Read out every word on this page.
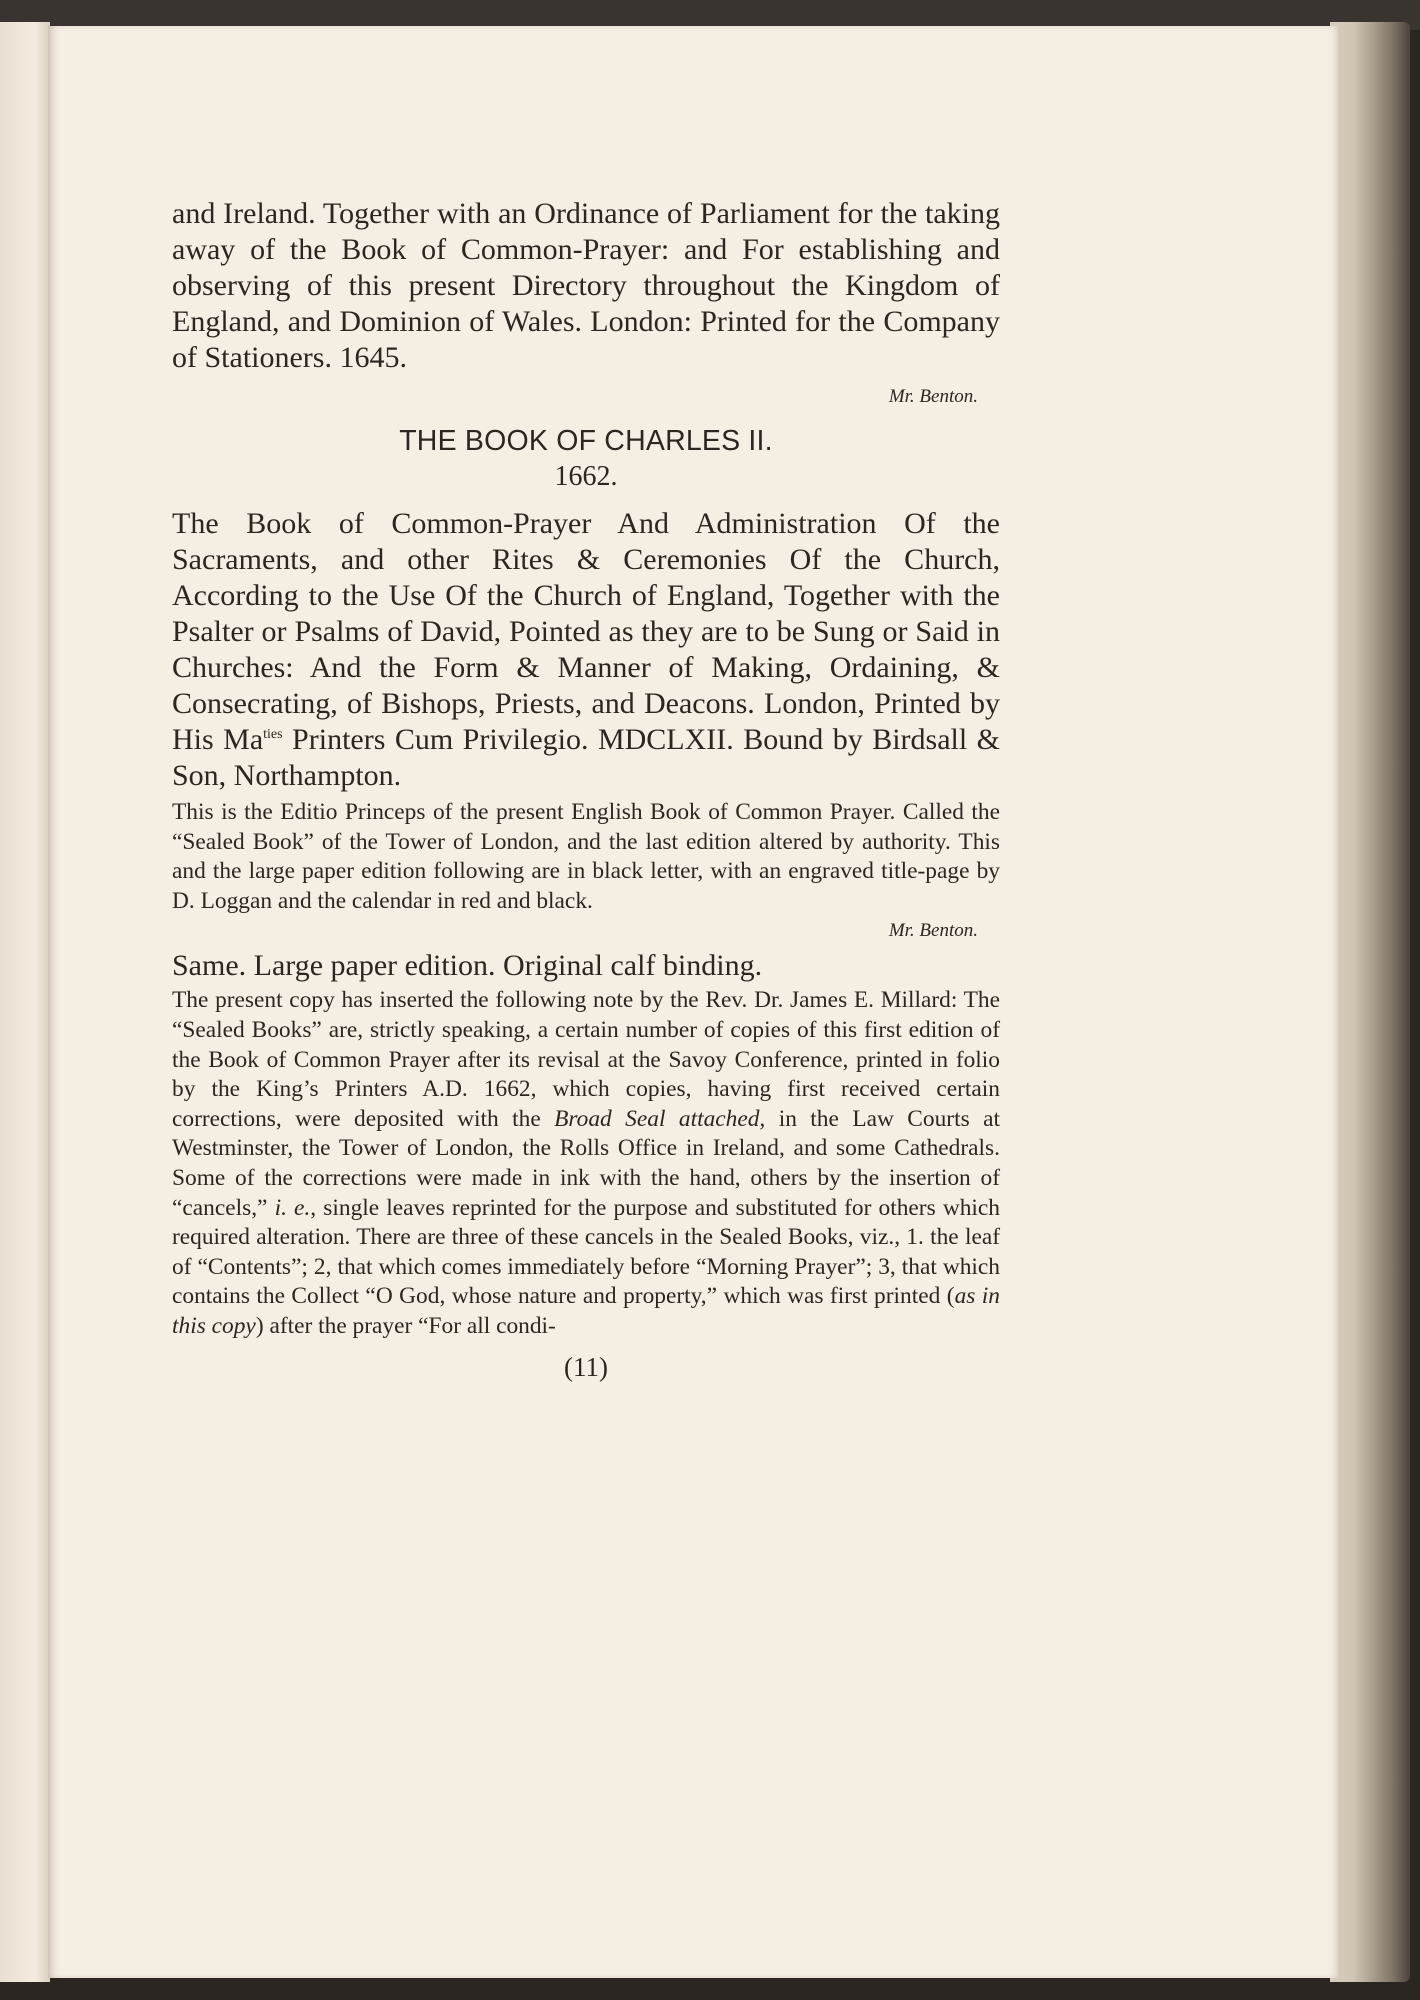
and Ireland. Together with an Ordinance of Parliament for the taking away of the Book of Common-Prayer: and For establishing and observing of this present Directory throughout the Kingdom of England, and Dominion of Wales. London: Printed for the Company of Stationers. 1645.

Mr. Benton.

THE BOOK OF CHARLES II.

1662.

The Book of Common-Prayer And Administration Of the Sacraments, and other Rites & Ceremonies Of the Church, According to the Use Of the Church of England, Together with the Psalter or Psalms of David, Pointed as they are to be Sung or Said in Churches: And the Form & Manner of Making, Ordaining, & Consecrating, of Bishops, Priests, and Deacons. London, Printed by His $Ma^{ties}$ Printers Cum Privilegio. MDCLXII. Bound by Birdsall & Son, Northampton.

This is the Editio Princeps of the present English Book of Common Prayer. Called the “Sealed Book” of the Tower of London, and the last edition altered by authority. This and the large paper edition following are in black letter, with an engraved title-page by D. Loggan and the calendar in red and black.

Mr. Benton.

Same. Large paper edition. Original calf binding.

The present copy has inserted the following note by the Rev. Dr. James E. Millard: The “Sealed Books” are, strictly speaking, a certain number of copies of this first edition of the Book of Common Prayer after its revisal at the Savoy Conference, printed in folio by the King’s Printers A.D. 1662, which copies, having first received certain corrections, were deposited with the Broad Seal attached, in the Law Courts at Westminster, the Tower of London, the Rolls Office in Ireland, and some Cathedrals. Some of the corrections were made in ink with the hand, others by the insertion of “cancels,” i. e., single leaves reprinted for the purpose and substituted for others which required alteration. There are three of these cancels in the Sealed Books, viz., 1. the leaf of “Contents”; 2, that which comes immediately before “Morning Prayer”; 3, that which contains the Collect “O God, whose nature and property,” which was first printed (as in this copy) after the prayer “For all condi-

(11)
